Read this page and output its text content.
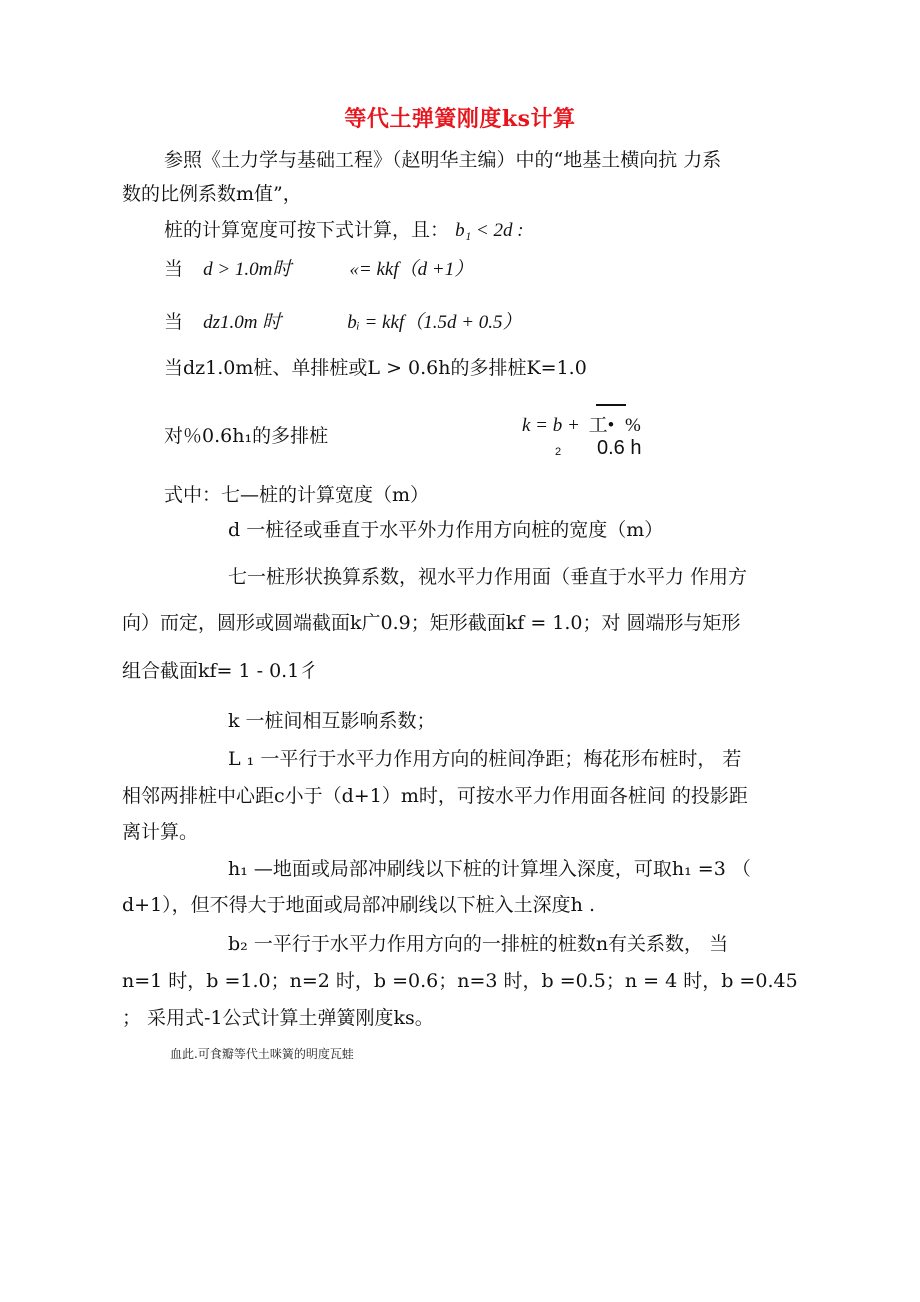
等代土弹簧刚度ks计算
参照《土力学与基础工程》（赵明华主编）中的“地基土横向抗 力系
数的比例系数m值”，
桩的计算宽度可按下式计算，且： b₁ < 2d :
当 d > 1.0m时	«= kkf（d +1）
当 dz1.0m 时	bᵢ = kkf（1.5d + 0.5）
当dz1.0m桩、单排桩或L > 0.6h的多排桩K=1.0
对％0.6h₁的多排桩	k = b + 工• %
2 0.6 h
式中：七—桩的计算宽度（m）
d 一桩径或垂直于水平外力作用方向桩的宽度（m）
七一桩形状换算系数，视水平力作用面（垂直于水平力 作用方
向）而定，圆形或圆端截面k广0.9；矩形截面kf = 1.0；对 圆端形与矩形
组合截面kf= 1 - 0.1彳
k 一桩间相互影响系数；
L ₁ 一平行于水平力作用方向的桩间净距；梅花形布桩时， 若
相邻两排桩中心距c小于（d+1）m时，可按水平力作用面各桩间 的投影距
离计算。
h₁ —地面或局部冲刷线以下桩的计算埋入深度，可取h₁ =3 （
d+1），但不得大于地面或局部冲刷线以下桩入土深度h .
b₂ 一平行于水平力作用方向的一排桩的桩数n有关系数， 当
n=1 时，b =1.0；n=2 时，b =0.6；n=3 时，b =0.5；n = 4 时，b =0.45
； 采用式-1公式计算土弹簧刚度ks。
血此.可食瓣等代土咪簧的明度瓦蛙
